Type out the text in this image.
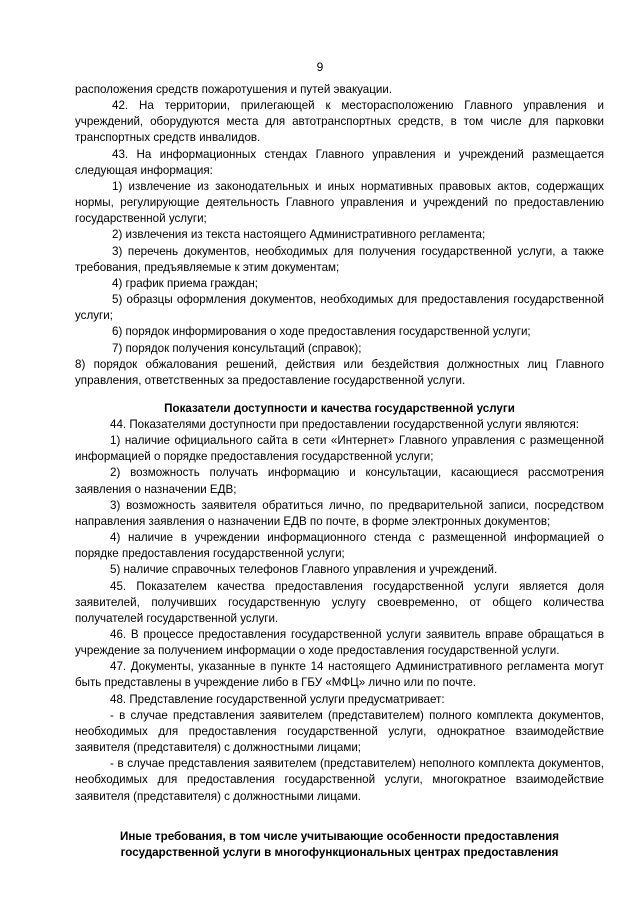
9

расположения средств пожаротушения и путей эвакуации.

42. На территории, прилегающей к месторасположению Главного управления и учреждений, оборудуются места для автотранспортных средств, в том числе для парковки транспортных средств инвалидов.

43. На информационных стендах Главного управления и учреждений размещается следующая информация:

1) извлечение из законодательных и иных нормативных правовых актов, содержащих нормы, регулирующие деятельность Главного управления и учреждений по предоставлению государственной услуги;

2) извлечения из текста настоящего Административного регламента;

3) перечень документов, необходимых для получения государственной услуги, а также требования, предъявляемые к этим документам;

4) график приема граждан;

5) образцы оформления документов, необходимых для предоставления государственной услуги;

6) порядок информирования о ходе предоставления государственной услуги;

7) порядок получения консультаций (справок);

8) порядок обжалования решений, действия или бездействия должностных лиц Главного управления, ответственных за предоставление государственной услуги.

Показатели доступности и качества государственной услуги

44. Показателями доступности при предоставлении государственной услуги являются:

1) наличие официального сайта в сети «Интернет» Главного управления с размещенной информацией о порядке предоставления государственной услуги;

2) возможность получать информацию и консультации, касающиеся рассмотрения заявления о назначении ЕДВ;

3) возможность заявителя обратиться лично, по предварительной записи, посредством направления заявления о назначении ЕДВ по почте, в форме электронных документов;

4) наличие в учреждении информационного стенда с размещенной информацией о порядке предоставления государственной услуги;

5) наличие справочных телефонов Главного управления и учреждений.

45. Показателем качества предоставления государственной услуги является доля заявителей, получивших государственную услугу своевременно, от общего количества получателей государственной услуги.

46. В процессе предоставления государственной услуги заявитель вправе обращаться в учреждение за получением информации о ходе предоставления государственной услуги.

47. Документы, указанные в пункте 14 настоящего Административного регламента могут быть представлены в учреждение либо в ГБУ «МФЦ» лично или по почте.

48. Представление государственной услуги предусматривает:

- в случае представления заявителем (представителем) полного комплекта документов, необходимых для предоставления государственной услуги, однократное взаимодействие заявителя (представителя) с должностными лицами;

- в случае представления заявителем (представителем) неполного комплекта документов, необходимых для предоставления государственной услуги, многократное взаимодействие заявителя (представителя) с должностными лицами.

Иные требования, в том числе учитывающие особенности предоставления

государственной услуги в многофункциональных центрах предоставления
